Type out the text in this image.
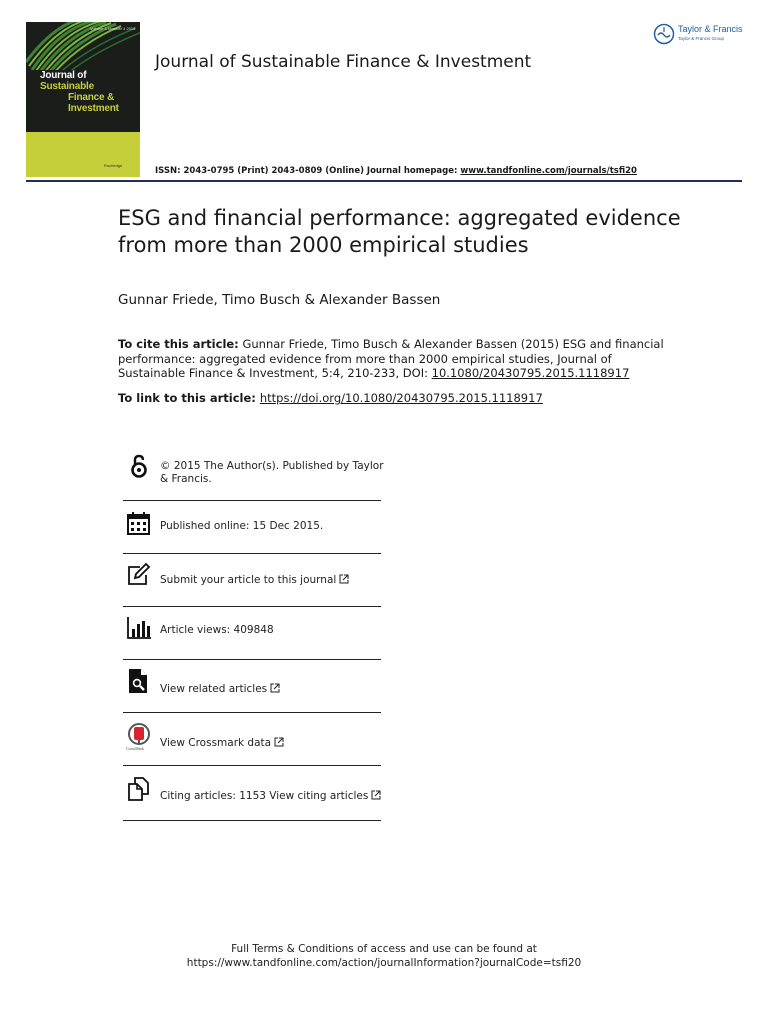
Volume 5 Number 4 2015
Journal of Sustainable
Finance &
Investment
Routledge
Journal of Sustainable Finance & Investment
Taylor & Francis
Taylor & Francis Group
ISSN: 2043-0795 (Print) 2043-0809 (Online) Journal homepage: www.tandfonline.com/journals/tsfi20
ESG and financial performance: aggregated evidence from more than 2000 empirical studies
Gunnar Friede, Timo Busch & Alexander Bassen
To cite this article: Gunnar Friede, Timo Busch & Alexander Bassen (2015) ESG and financial performance: aggregated evidence from more than 2000 empirical studies, Journal of Sustainable Finance & Investment, 5:4, 210-233, DOI: 10.1080/20430795.2015.1118917
To link to this article: https://doi.org/10.1080/20430795.2015.1118917
© 2015 The Author(s). Published by Taylor & Francis.
Published online: 15 Dec 2015.
Submit your article to this journal
Article views: 409848
View related articles
CrossMark View Crossmark data
Citing articles: 1153 View citing articles
Full Terms & Conditions of access and use can be found at
https://www.tandfonline.com/action/journalInformation?journalCode=tsfi20
